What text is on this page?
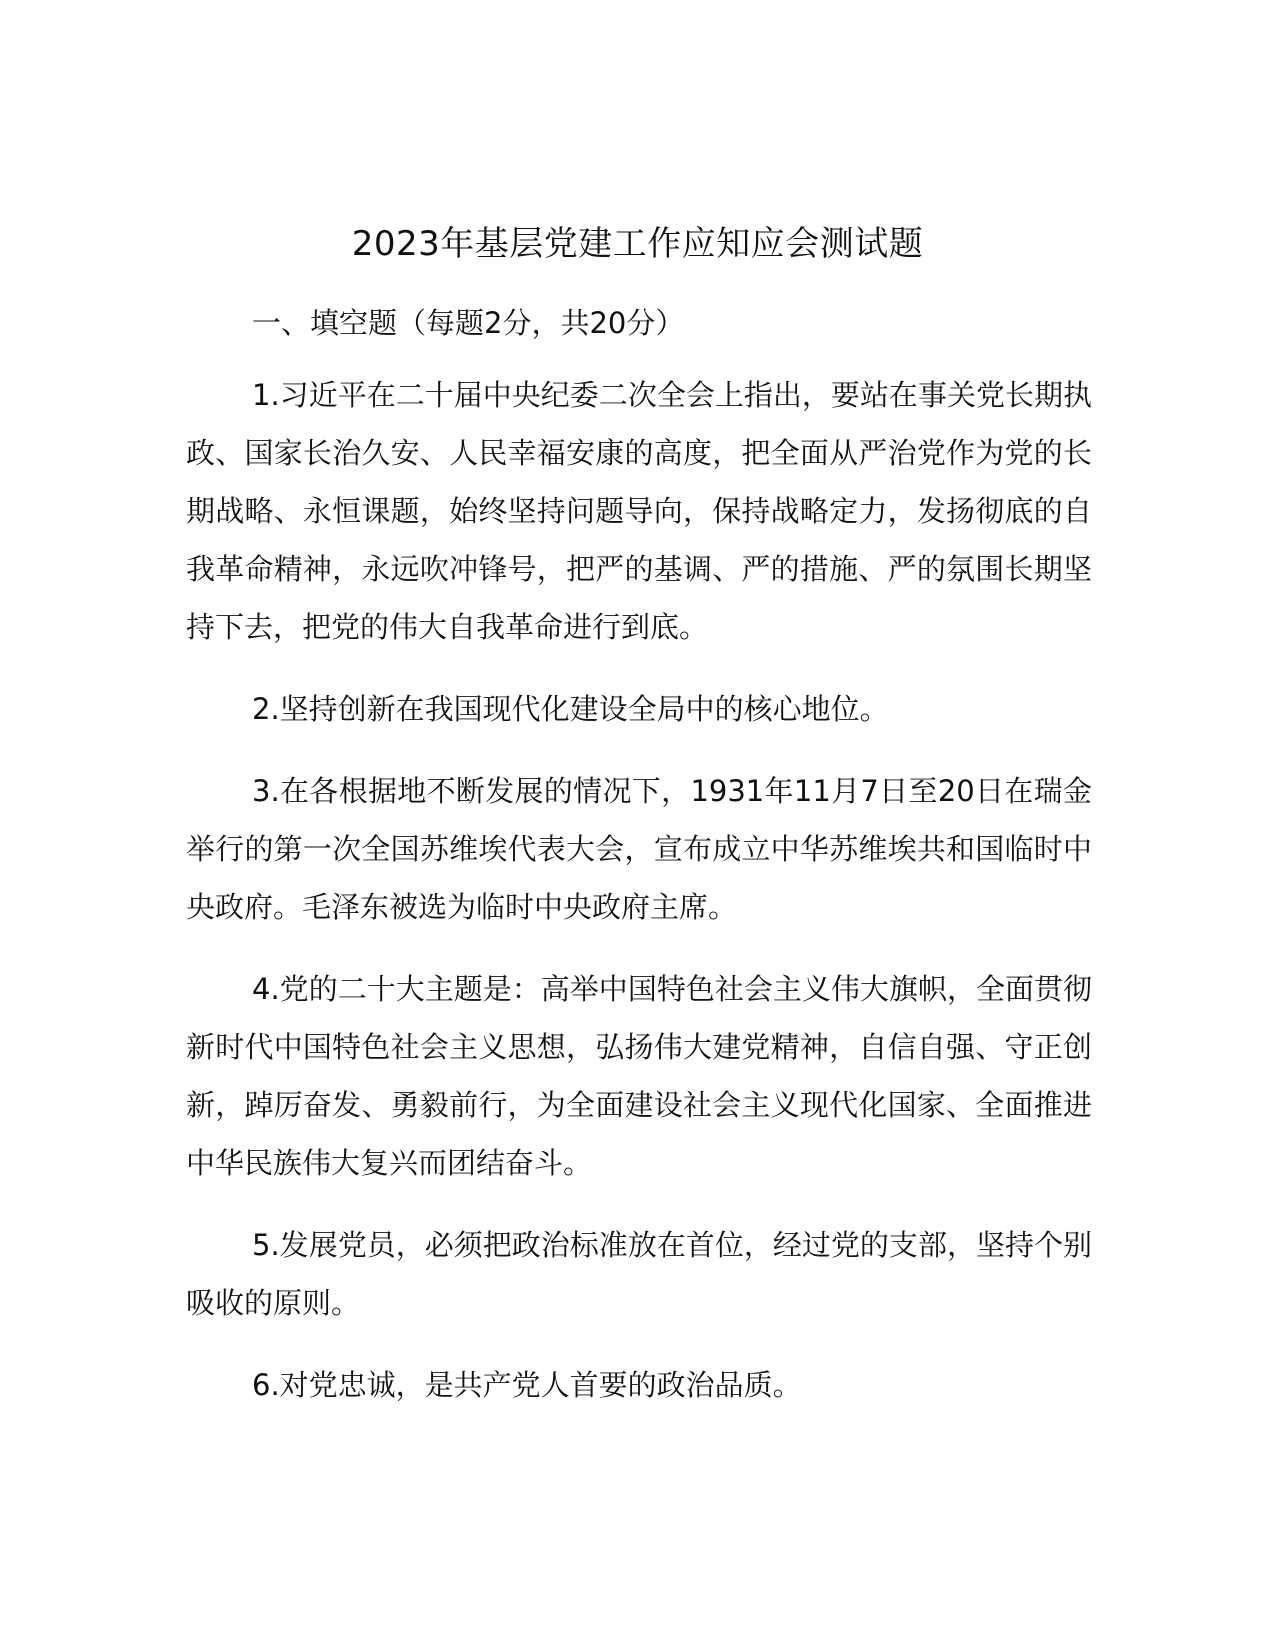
2023年基层党建工作应知应会测试题
一、填空题（每题2分，共20分）

1.习近平在二十届中央纪委二次全会上指出，要站在事关党长期执政、国家长治久安、人民幸福安康的高度，把全面从严治党作为党的长期战略、永恒课题，始终坚持问题导向，保持战略定力，发扬彻底的自我革命精神，永远吹冲锋号，把严的基调、严的措施、严的氛围长期坚持下去，把党的伟大自我革命进行到底。

2.坚持创新在我国现代化建设全局中的核心地位。

3.在各根据地不断发展的情况下，1931年11月7日至20日在瑞金举行的第一次全国苏维埃代表大会，宣布成立中华苏维埃共和国临时中央政府。毛泽东被选为临时中央政府主席。

4.党的二十大主题是：高举中国特色社会主义伟大旗帜，全面贯彻新时代中国特色社会主义思想，弘扬伟大建党精神，自信自强、守正创新，踔厉奋发、勇毅前行，为全面建设社会主义现代化国家、全面推进中华民族伟大复兴而团结奋斗。

5.发展党员，必须把政治标准放在首位，经过党的支部，坚持个别吸收的原则。

6.对党忠诚，是共产党人首要的政治品质。
